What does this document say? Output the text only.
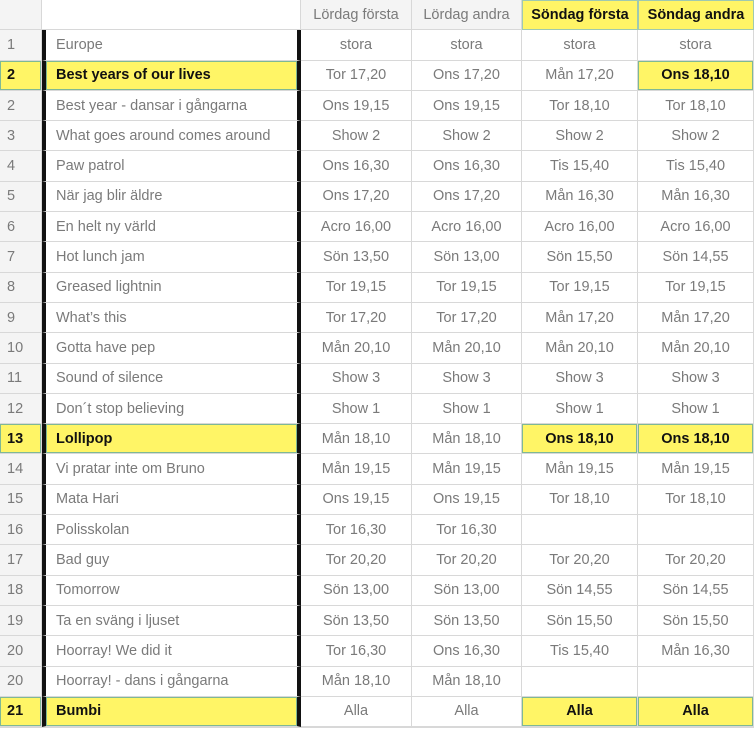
Lördag första	Lördag andra	Söndag första	Söndag andra
1	Europe	stora	stora	stora	stora
2	Best years of our lives	Tor 17,20	Ons 17,20	Mån 17,20	Ons 18,10
2	Best year - dansar i gångarna	Ons 19,15	Ons 19,15	Tor 18,10	Tor 18,10
3	What goes around comes around	Show 2	Show 2	Show 2	Show 2
4	Paw patrol	Ons 16,30	Ons 16,30	Tis 15,40	Tis 15,40
5	När jag blir äldre	Ons 17,20	Ons 17,20	Mån 16,30	Mån 16,30
6	En helt ny värld	Acro 16,00	Acro 16,00	Acro 16,00	Acro 16,00
7	Hot lunch jam	Sön 13,50	Sön 13,00	Sön 15,50	Sön 14,55
8	Greased lightnin	Tor 19,15	Tor 19,15	Tor 19,15	Tor 19,15
9	What’s this	Tor 17,20	Tor 17,20	Mån 17,20	Mån 17,20
10	Gotta have pep	Mån 20,10	Mån 20,10	Mån 20,10	Mån 20,10
11	Sound of silence	Show 3	Show 3	Show 3	Show 3
12	Don´t stop believing	Show 1	Show 1	Show 1	Show 1
13	Lollipop	Mån 18,10	Mån 18,10	Ons 18,10	Ons 18,10
14	Vi pratar inte om Bruno	Mån 19,15	Mån 19,15	Mån 19,15	Mån 19,15
15	Mata Hari	Ons 19,15	Ons 19,15	Tor 18,10	Tor 18,10
16	Polisskolan	Tor 16,30	Tor 16,30
17	Bad guy	Tor 20,20	Tor 20,20	Tor 20,20	Tor 20,20
18	Tomorrow	Sön 13,00	Sön 13,00	Sön 14,55	Sön 14,55
19	Ta en sväng i ljuset	Sön 13,50	Sön 13,50	Sön 15,50	Sön 15,50
20	Hoorray! We did it	Tor 16,30	Ons 16,30	Tis 15,40	Mån 16,30
20	Hoorray! - dans i gångarna	Mån 18,10	Mån 18,10
21	Bumbi	Alla	Alla	Alla	Alla
